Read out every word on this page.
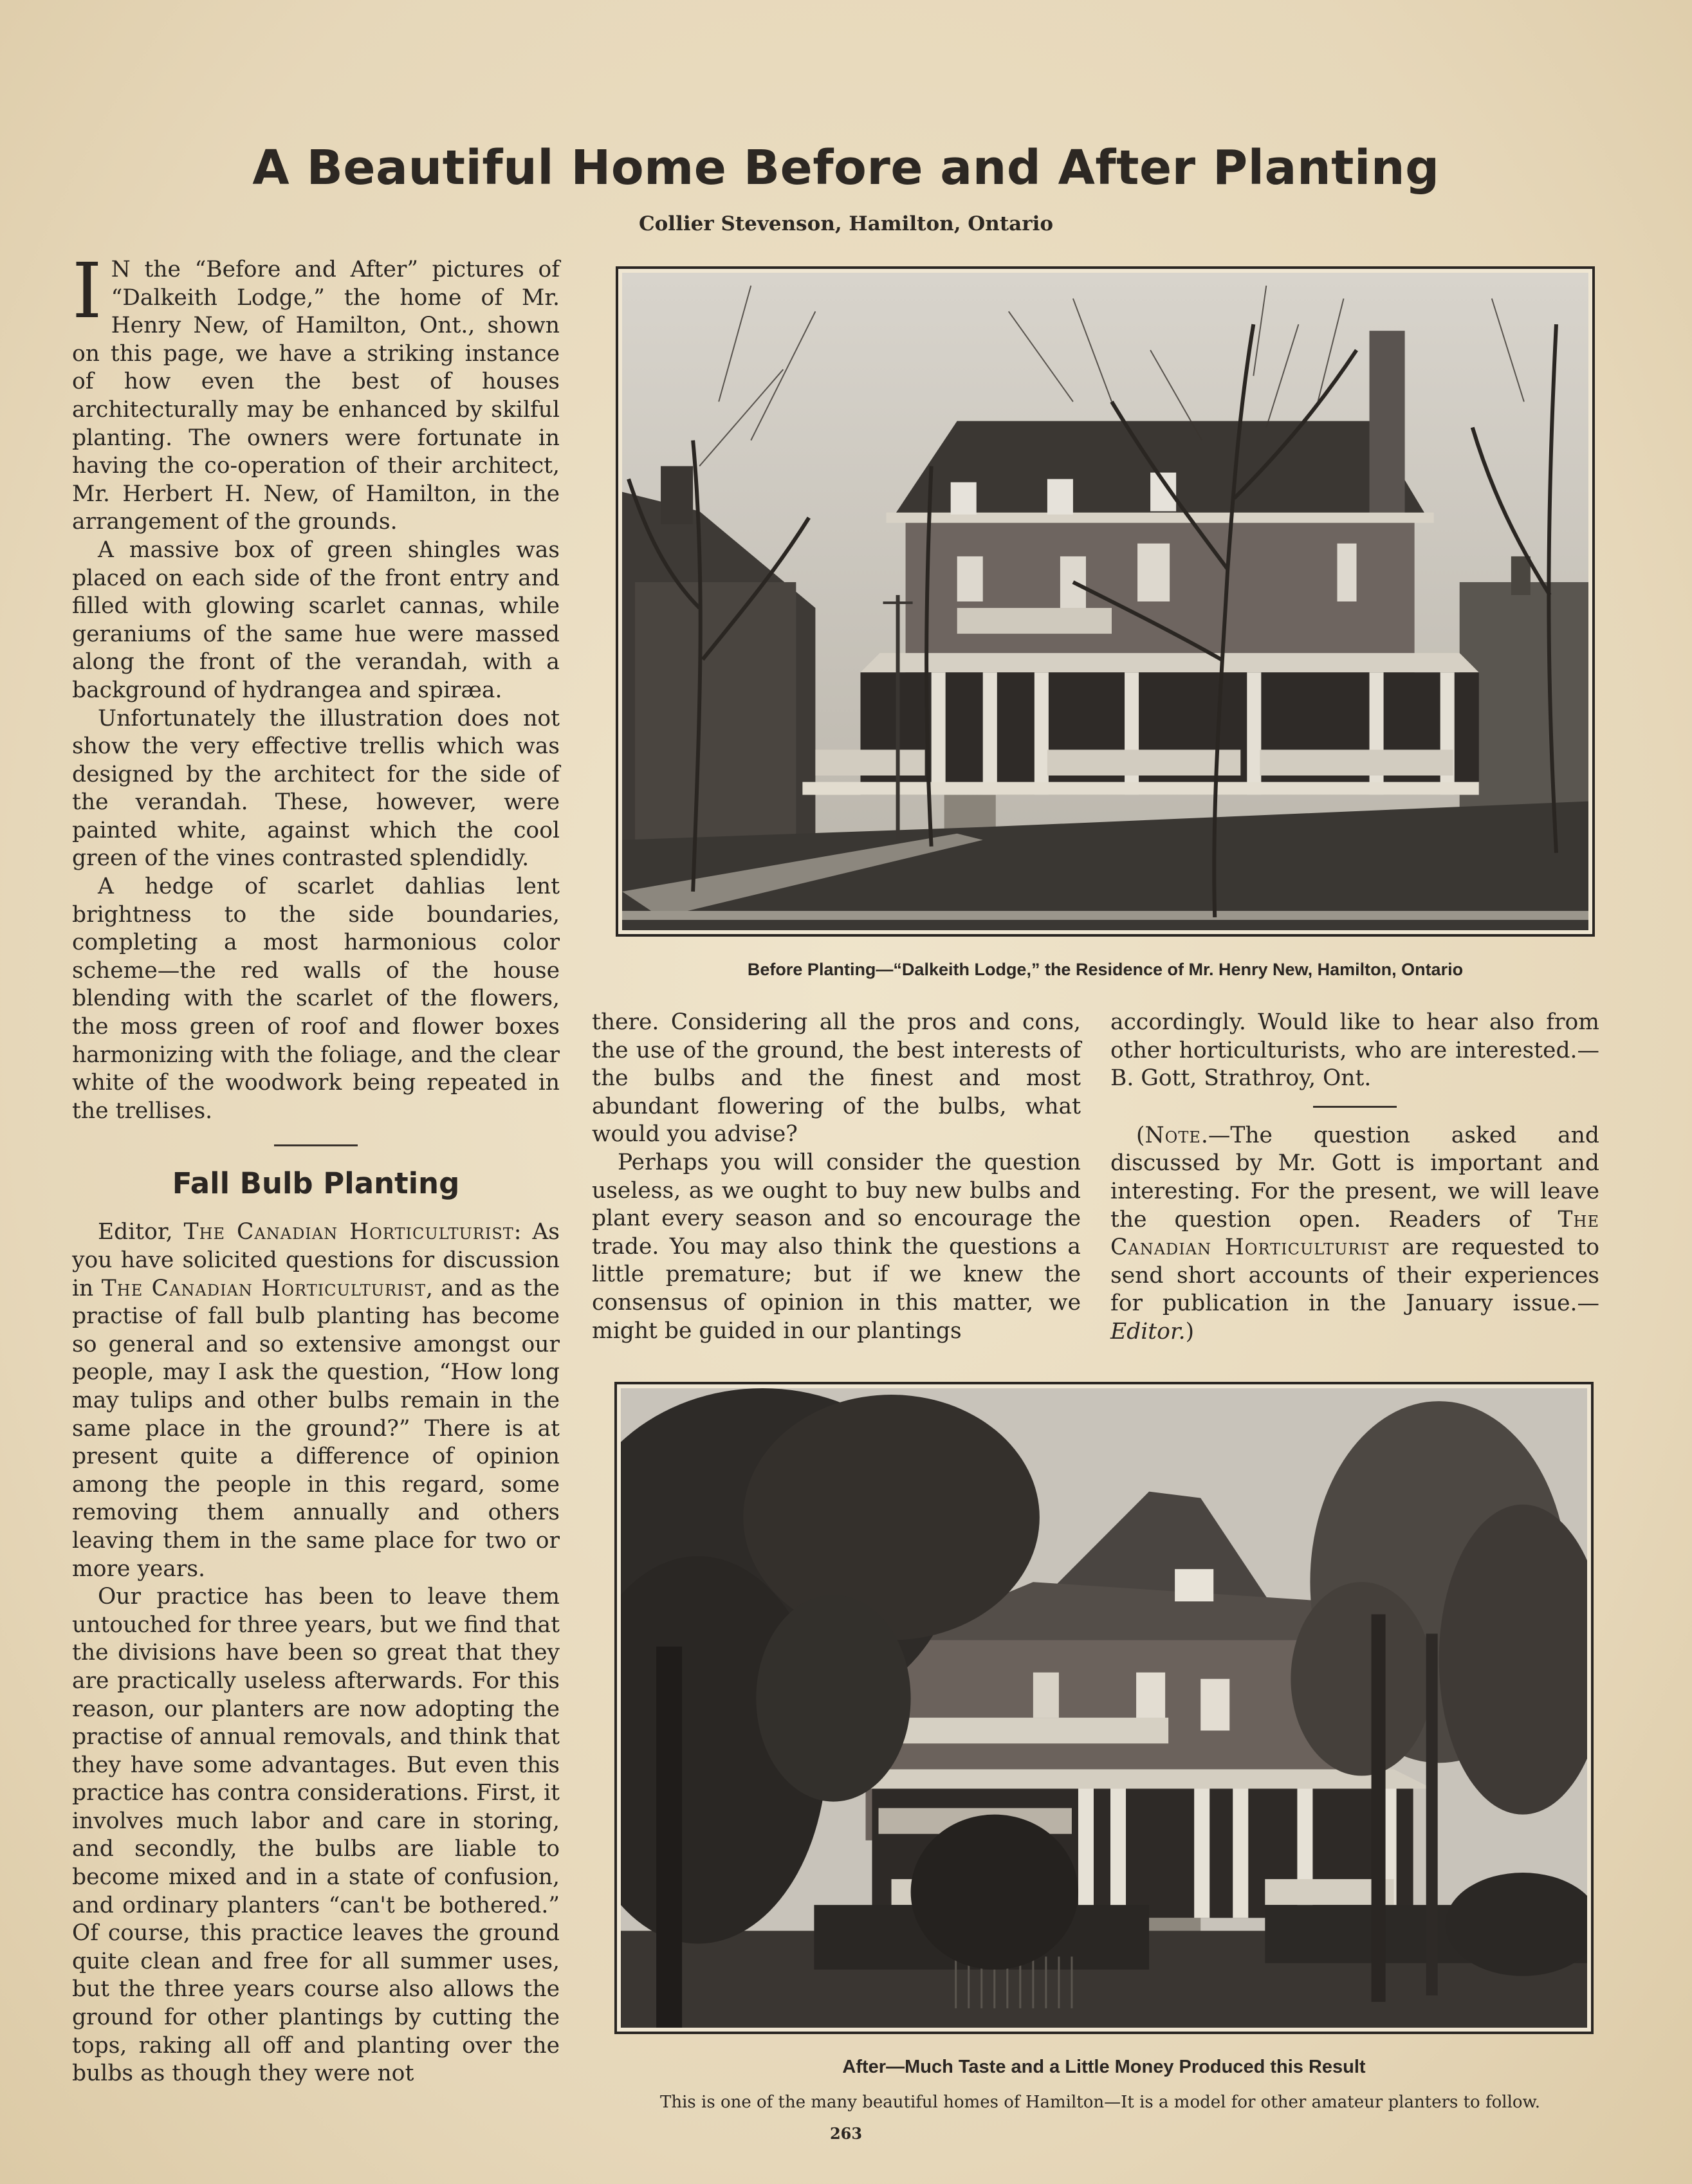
A Beautiful Home Before and After Planting
Collier Stevenson, Hamilton, Ontario

I N the “Before and After” pictures of “Dalkeith Lodge,” the home of Mr. Henry New, of Hamilton, Ont., shown on this page, we have a striking instance of how even the best of houses architecturally may be enhanced by skilful planting. The owners were fortunate in having the co-operation of their architect, Mr. Herbert H. New, of Hamilton, in the arrangement of the grounds.

A massive box of green shingles was placed on each side of the front entry and filled with glowing scarlet cannas, while geraniums of the same hue were massed along the front of the verandah, with a background of hydrangea and spiræa.

Unfortunately the illustration does not show the very effective trellis which was designed by the architect for the side of the verandah. These, however, were painted white, against which the cool green of the vines contrasted splendidly.

A hedge of scarlet dahlias lent brightness to the side boundaries, completing a most harmonious color scheme—the red walls of the house blending with the scarlet of the flowers, the moss green of roof and flower boxes harmonizing with the foliage, and the clear white of the woodwork being repeated in the trellises.

Fall Bulb Planting

Editor, The Canadian Horticulturist: As you have solicited questions for discussion in The Canadian Horticulturist, and as the practise of fall bulb planting has become so general and so extensive amongst our people, may I ask the question, “How long may tulips and other bulbs remain in the same place in the ground?” There is at present quite a difference of opinion among the people in this regard, some removing them annually and others leaving them in the same place for two or more years.

Our practice has been to leave them untouched for three years, but we find that the divisions have been so great that they are practically useless afterwards. For this reason, our planters are now adopting the practise of annual removals, and think that they have some advantages. But even this practice has contra considerations. First, it involves much labor and care in storing, and secondly, the bulbs are liable to become mixed and in a state of confusion, and ordinary planters “can't be bothered.” Of course, this practice leaves the ground quite clean and free for all summer uses, but the three years course also allows the ground for other plantings by cutting the tops, raking all off and planting over the bulbs as though they were not

Before Planting—“Dalkeith Lodge,” the Residence of Mr. Henry New, Hamilton, Ontario

there. Considering all the pros and cons, the use of the ground, the best interests of the bulbs and the finest and most abundant flowering of the bulbs, what would you advise?

Perhaps you will consider the question useless, as we ought to buy new bulbs and plant every season and so encourage the trade. You may also think the questions a little premature; but if we knew the consensus of opinion in this matter, we might be guided in our plantings

accordingly. Would like to hear also from other horticulturists, who are interested.—B. Gott, Strathroy, Ont.

(Note.—The question asked and discussed by Mr. Gott is important and interesting. For the present, we will leave the question open. Readers of The Canadian Horticulturist are requested to send short accounts of their experiences for publication in the January issue.—Editor.)

After—Much Taste and a Little Money Produced this Result
This is one of the many beautiful homes of Hamilton—It is a model for other amateur planters to follow.
263
